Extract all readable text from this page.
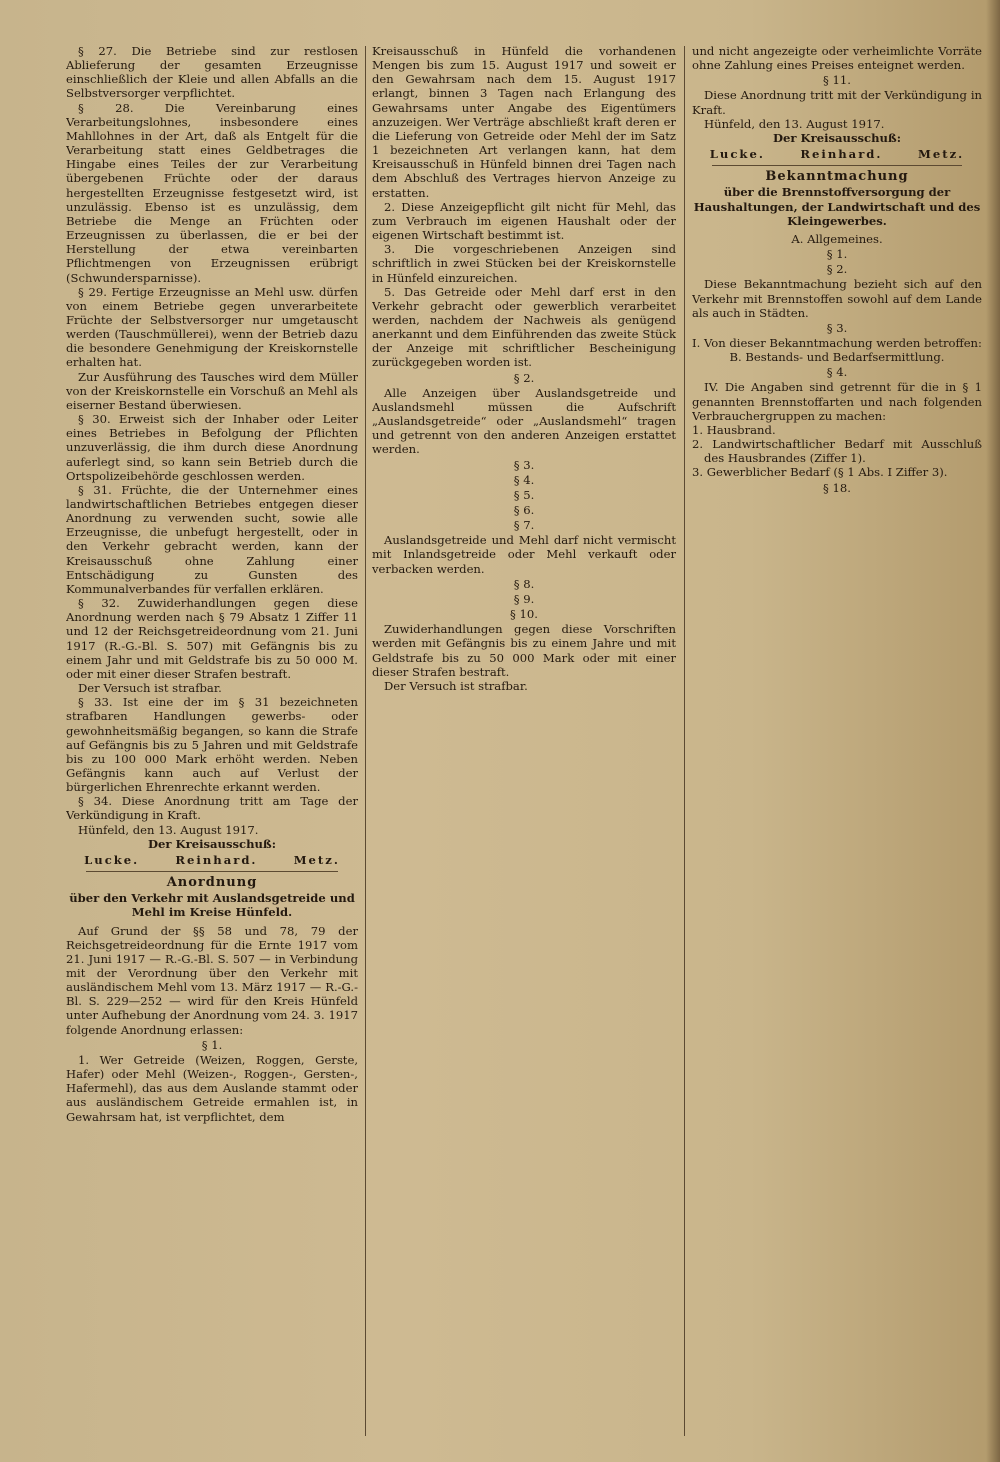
§ 27. Die Betriebe sind zur restlosen Ablieferung der gesamten Erzeugnisse einschließlich der Kleie und allen Abfalls an die Selbstversorger verpflichtet.

§ 28. Die Vereinbarung eines Verarbeitungslohnes, insbesondere eines Mahllohnes in der Art, daß als Entgelt für die Verarbeitung statt eines Geldbetrages die Hingabe eines Teiles der zur Verarbeitung übergebenen Früchte oder der daraus hergestellten Erzeugnisse festgesetzt wird, ist unzulässig. Ebenso ist es unzulässig, dem Betriebe die Menge an Früchten oder Erzeugnissen zu überlassen, die er bei der Herstellung der etwa vereinbarten Pflichtmengen von Erzeugnissen erübrigt (Schwundersparnisse).

§ 29. Fertige Erzeugnisse an Mehl usw. dürfen von einem Betriebe gegen unverarbeitete Früchte der Selbstversorger nur umgetauscht werden (Tauschmüllerei), wenn der Betrieb dazu die besondere Genehmigung der Kreiskornstelle erhalten hat.

Zur Ausführung des Tausches wird dem Müller von der Kreiskornstelle ein Vorschuß an Mehl als eiserner Bestand überwiesen.

§ 30. Erweist sich der Inhaber oder Leiter eines Betriebes in Befolgung der Pflichten unzuverlässig, die ihm durch diese Anordnung auferlegt sind, so kann sein Betrieb durch die Ortspolizeibehörde geschlossen werden.

§ 31. Früchte, die der Unternehmer eines landwirtschaftlichen Betriebes entgegen dieser Anordnung zu verwenden sucht, sowie alle Erzeugnisse, die unbefugt hergestellt, oder in den Verkehr gebracht werden, kann der Kreisausschuß ohne Zahlung einer Entschädigung zu Gunsten des Kommunalverbandes für verfallen erklären.

§ 32. Zuwiderhandlungen gegen diese Anordnung werden nach § 79 Absatz 1 Ziffer 11 und 12 der Reichsgetreideordnung vom 21. Juni 1917 (R.-G.-Bl. S. 507) mit Gefängnis bis zu einem Jahr und mit Geldstrafe bis zu 50 000 M. oder mit einer dieser Strafen bestraft.

Der Versuch ist strafbar.

§ 33. Ist eine der im § 31 bezeichneten strafbaren Handlungen gewerbs- oder gewohnheitsmäßig begangen, so kann die Strafe auf Gefängnis bis zu 5 Jahren und mit Geldstrafe bis zu 100 000 Mark erhöht werden. Neben Gefängnis kann auch auf Verlust der bürgerlichen Ehrenrechte erkannt werden.

§ 34. Diese Anordnung tritt am Tage der Verkündigung in Kraft.

Hünfeld, den 13. August 1917.

Der Kreisausschuß:
Lucke.	Reinhard.	Metz.
Anordnung
über den Verkehr mit Auslandsgetreide und Mehl im Kreise Hünfeld.

Auf Grund der §§ 58 und 78, 79 der Reichsgetreideordnung für die Ernte 1917 vom 21. Juni 1917 — R.-G.-Bl. S. 507 — in Verbindung mit der Verordnung über den Verkehr mit ausländischem Mehl vom 13. März 1917 — R.-G.-Bl. S. 229—252 — wird für den Kreis Hünfeld unter Aufhebung der Anordnung vom 24. 3. 1917 folgende Anordnung erlassen:

§ 1.

1. Wer Getreide (Weizen, Roggen, Gerste, Hafer) oder Mehl (Weizen-, Roggen-, Gersten-, Hafermehl), das aus dem Auslande stammt oder aus ausländischem Getreide ermahlen ist, in Gewahrsam hat, ist verpflichtet, dem

Kreisausschuß in Hünfeld die vorhandenen Mengen bis zum 15. August 1917 und soweit er den Gewahrsam nach dem 15. August 1917 erlangt, binnen 3 Tagen nach Erlangung des Gewahrsams unter Angabe des Eigentümers anzuzeigen. Wer Verträge abschließt kraft deren er die Lieferung von Getreide oder Mehl der im Satz 1 bezeichneten Art verlangen kann, hat dem Kreisausschuß in Hünfeld binnen drei Tagen nach dem Abschluß des Vertrages hiervon Anzeige zu erstatten.

2. Diese Anzeigepflicht gilt nicht für Mehl, das zum Verbrauch im eigenen Haushalt oder der eigenen Wirtschaft bestimmt ist.

3. Die vorgeschriebenen Anzeigen sind schriftlich in zwei Stücken bei der Kreiskornstelle in Hünfeld einzureichen.

5. Das Getreide oder Mehl darf erst in den Verkehr gebracht oder gewerblich verarbeitet werden, nachdem der Nachweis als genügend anerkannt und dem Einführenden das zweite Stück der Anzeige mit schriftlicher Bescheinigung zurückgegeben worden ist.

§ 2.

Alle Anzeigen über Auslandsgetreide und Auslandsmehl müssen die Aufschrift „Auslandsgetreide“ oder „Auslandsmehl“ tragen und getrennt von den anderen Anzeigen erstattet werden.

§ 3.
§ 4.
§ 5.
§ 6.
§ 7.

Auslandsgetreide und Mehl darf nicht vermischt mit Inlandsgetreide oder Mehl verkauft oder verbacken werden.

§ 8.
§ 9.
§ 10.

Zuwiderhandlungen gegen diese Vorschriften werden mit Gefängnis bis zu einem Jahre und mit Geldstrafe bis zu 50 000 Mark oder mit einer dieser Strafen bestraft.

Der Versuch ist strafbar.

und nicht angezeigte oder verheimlichte Vorräte ohne Zahlung eines Preises enteignet werden.

§ 11.

Diese Anordnung tritt mit der Verkündigung in Kraft.

Hünfeld, den 13. August 1917.

Der Kreisausschuß:
Lucke.	Reinhard.	Metz.
Bekanntmachung
über die Brennstoffversorgung der Haushaltungen, der Landwirtschaft und des Kleingewerbes.
A. Allgemeines.
§ 1.
§ 2.

Diese Bekanntmachung bezieht sich auf den Verkehr mit Brennstoffen sowohl auf dem Lande als auch in Städten.

§ 3.

I. Von dieser Bekanntmachung werden betroffen:

B. Bestands- und Bedarfsermittlung.
§ 4.

IV. Die Angaben sind getrennt für die in § 1 genannten Brennstoffarten und nach folgenden Verbrauchergruppen zu machen:

1. Hausbrand.

2. Landwirtschaftlicher Bedarf mit Ausschluß des Hausbrandes (Ziffer 1).

3. Gewerblicher Bedarf (§ 1 Abs. I Ziffer 3).

§ 18.
